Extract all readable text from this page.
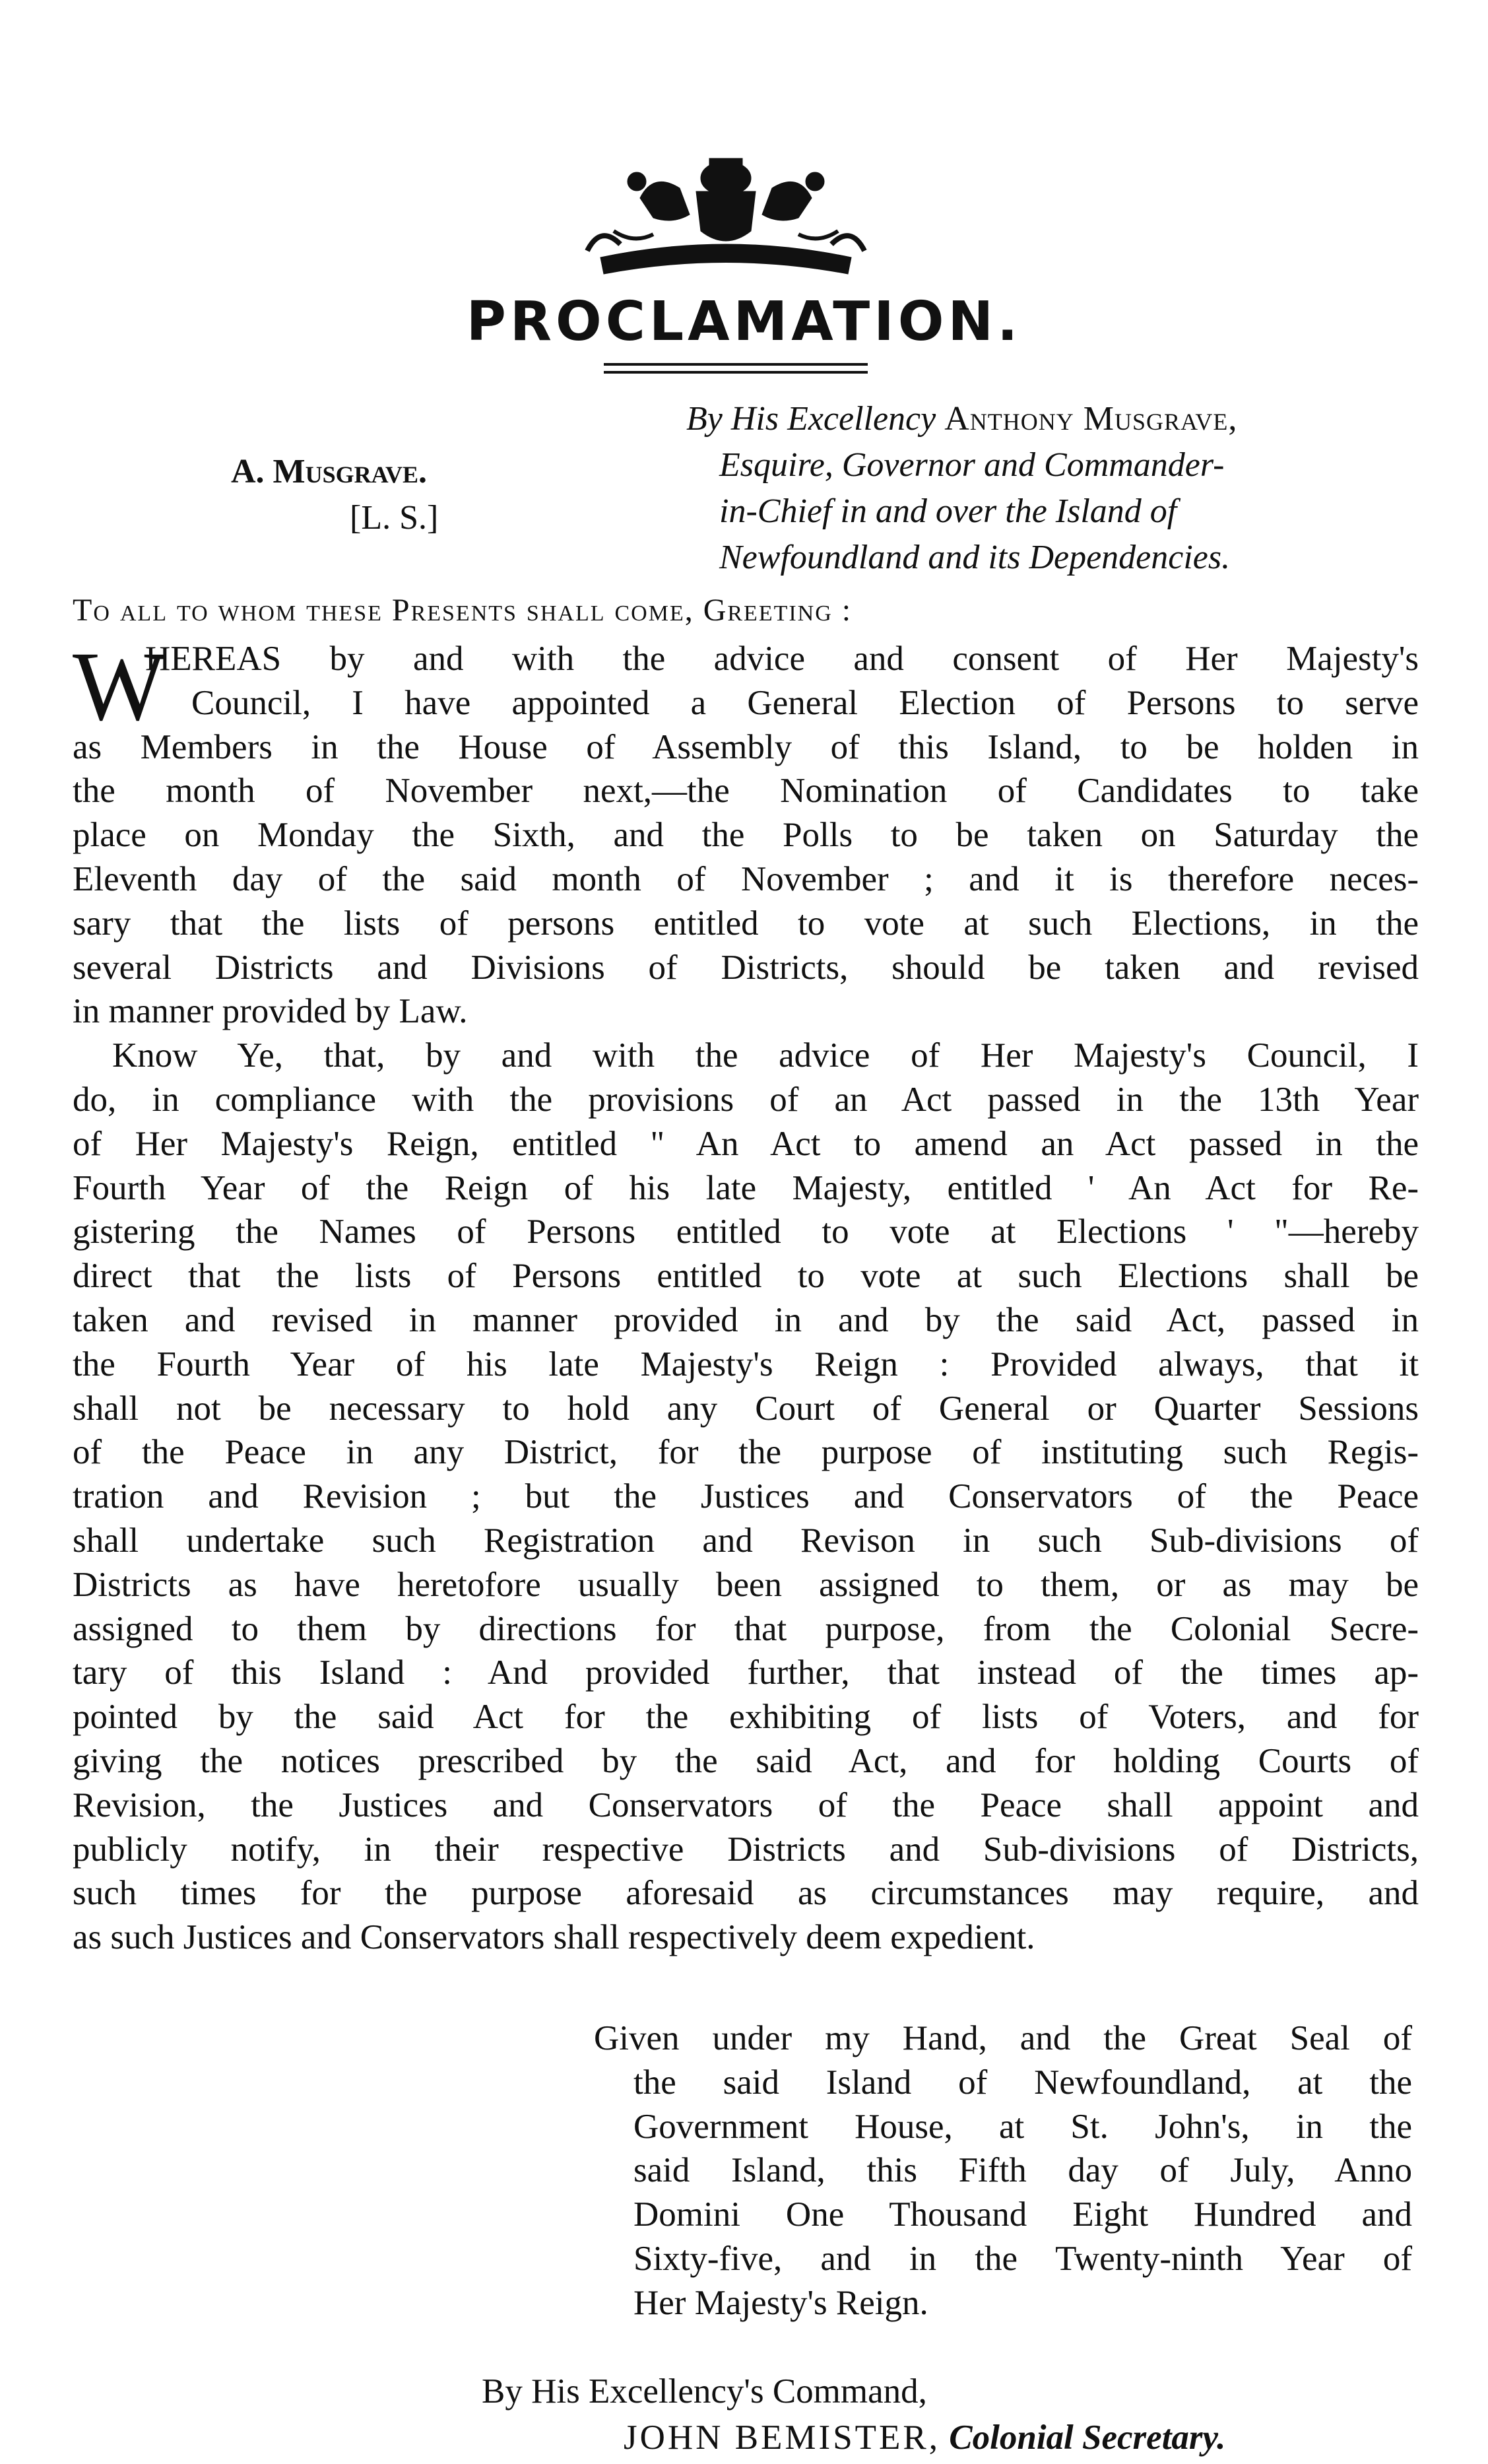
PROCLAMATION.
By His Excellency Anthony Musgrave,
Esquire, Governor and Commander-
in-Chief in and over the Island of
Newfoundland and its Dependencies.
A. Musgrave.
[L. S.]
To all to whom these Presents shall come, Greeting :
W
HEREAS by and with the advice and consent of Her Majesty's
Council, I have appointed a General Election of Persons to serve
as Members in the House of Assembly of this Island, to be holden in
the month of November next,—the Nomination of Candidates to take
place on Monday the Sixth, and the Polls to be taken on Saturday the
Eleventh day of the said month of November ; and it is therefore neces-
sary that the lists of persons entitled to vote at such Elections, in the
several Districts and Divisions of Districts, should be taken and revised
in manner provided by Law.
Know Ye, that, by and with the advice of Her Majesty's Council, I
do, in compliance with the provisions of an Act passed in the 13th Year
of Her Majesty's Reign, entitled " An Act to amend an Act passed in the
Fourth Year of the Reign of his late Majesty, entitled ' An Act for Re-
gistering the Names of Persons entitled to vote at Elections ' "—hereby
direct that the lists of Persons entitled to vote at such Elections shall be
taken and revised in manner provided in and by the said Act, passed in
the Fourth Year of his late Majesty's Reign : Provided always, that it
shall not be necessary to hold any Court of General or Quarter Sessions
of the Peace in any District, for the purpose of instituting such Regis-
tration and Revision ; but the Justices and Conservators of the Peace
shall undertake such Registration and Revison in such Sub-divisions of
Districts as have heretofore usually been assigned to them, or as may be
assigned to them by directions for that purpose, from the Colonial Secre-
tary of this Island : And provided further, that instead of the times ap-
pointed by the said Act for the exhibiting of lists of Voters, and for
giving the notices prescribed by the said Act, and for holding Courts of
Revision, the Justices and Conservators of the Peace shall appoint and
publicly notify, in their respective Districts and Sub-divisions of Districts,
such times for the purpose aforesaid as circumstances may require, and
as such Justices and Conservators shall respectively deem expedient.
Given under my Hand, and the Great Seal of
the said Island of Newfoundland, at the
Government House, at St. John's, in the
said Island, this Fifth day of July, Anno
Domini One Thousand Eight Hundred and
Sixty-five, and in the Twenty-ninth Year of
Her Majesty's Reign.
By His Excellency's Command,
JOHN BEMISTER, Colonial Secretary.
